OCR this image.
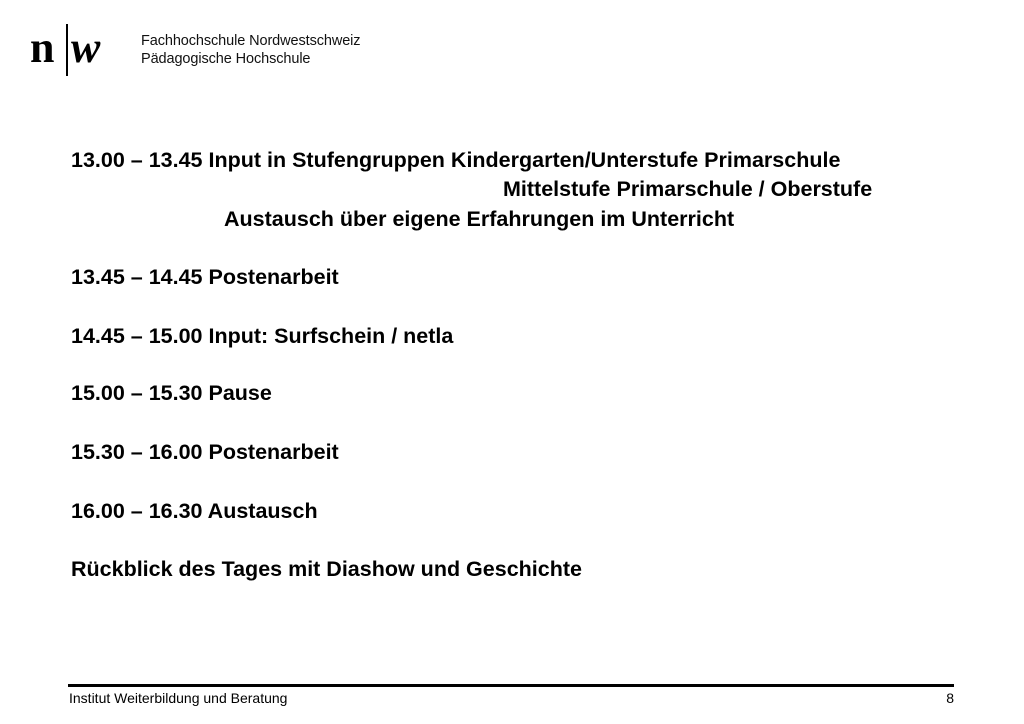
n w	Fachhochschule Nordwestschweiz
Pädagogische Hochschule
13.00 – 13.45 Input in Stufengruppen Kindergarten/Unterstufe Primarschule
Mittelstufe Primarschule / Oberstufe
Austausch über eigene Erfahrungen im Unterricht
13.45 – 14.45 Postenarbeit
14.45 – 15.00 Input: Surfschein / netla
15.00 – 15.30 Pause
15.30 – 16.00 Postenarbeit
16.00 – 16.30 Austausch
Rückblick des Tages mit Diashow und Geschichte
Institut Weiterbildung und Beratung	8
